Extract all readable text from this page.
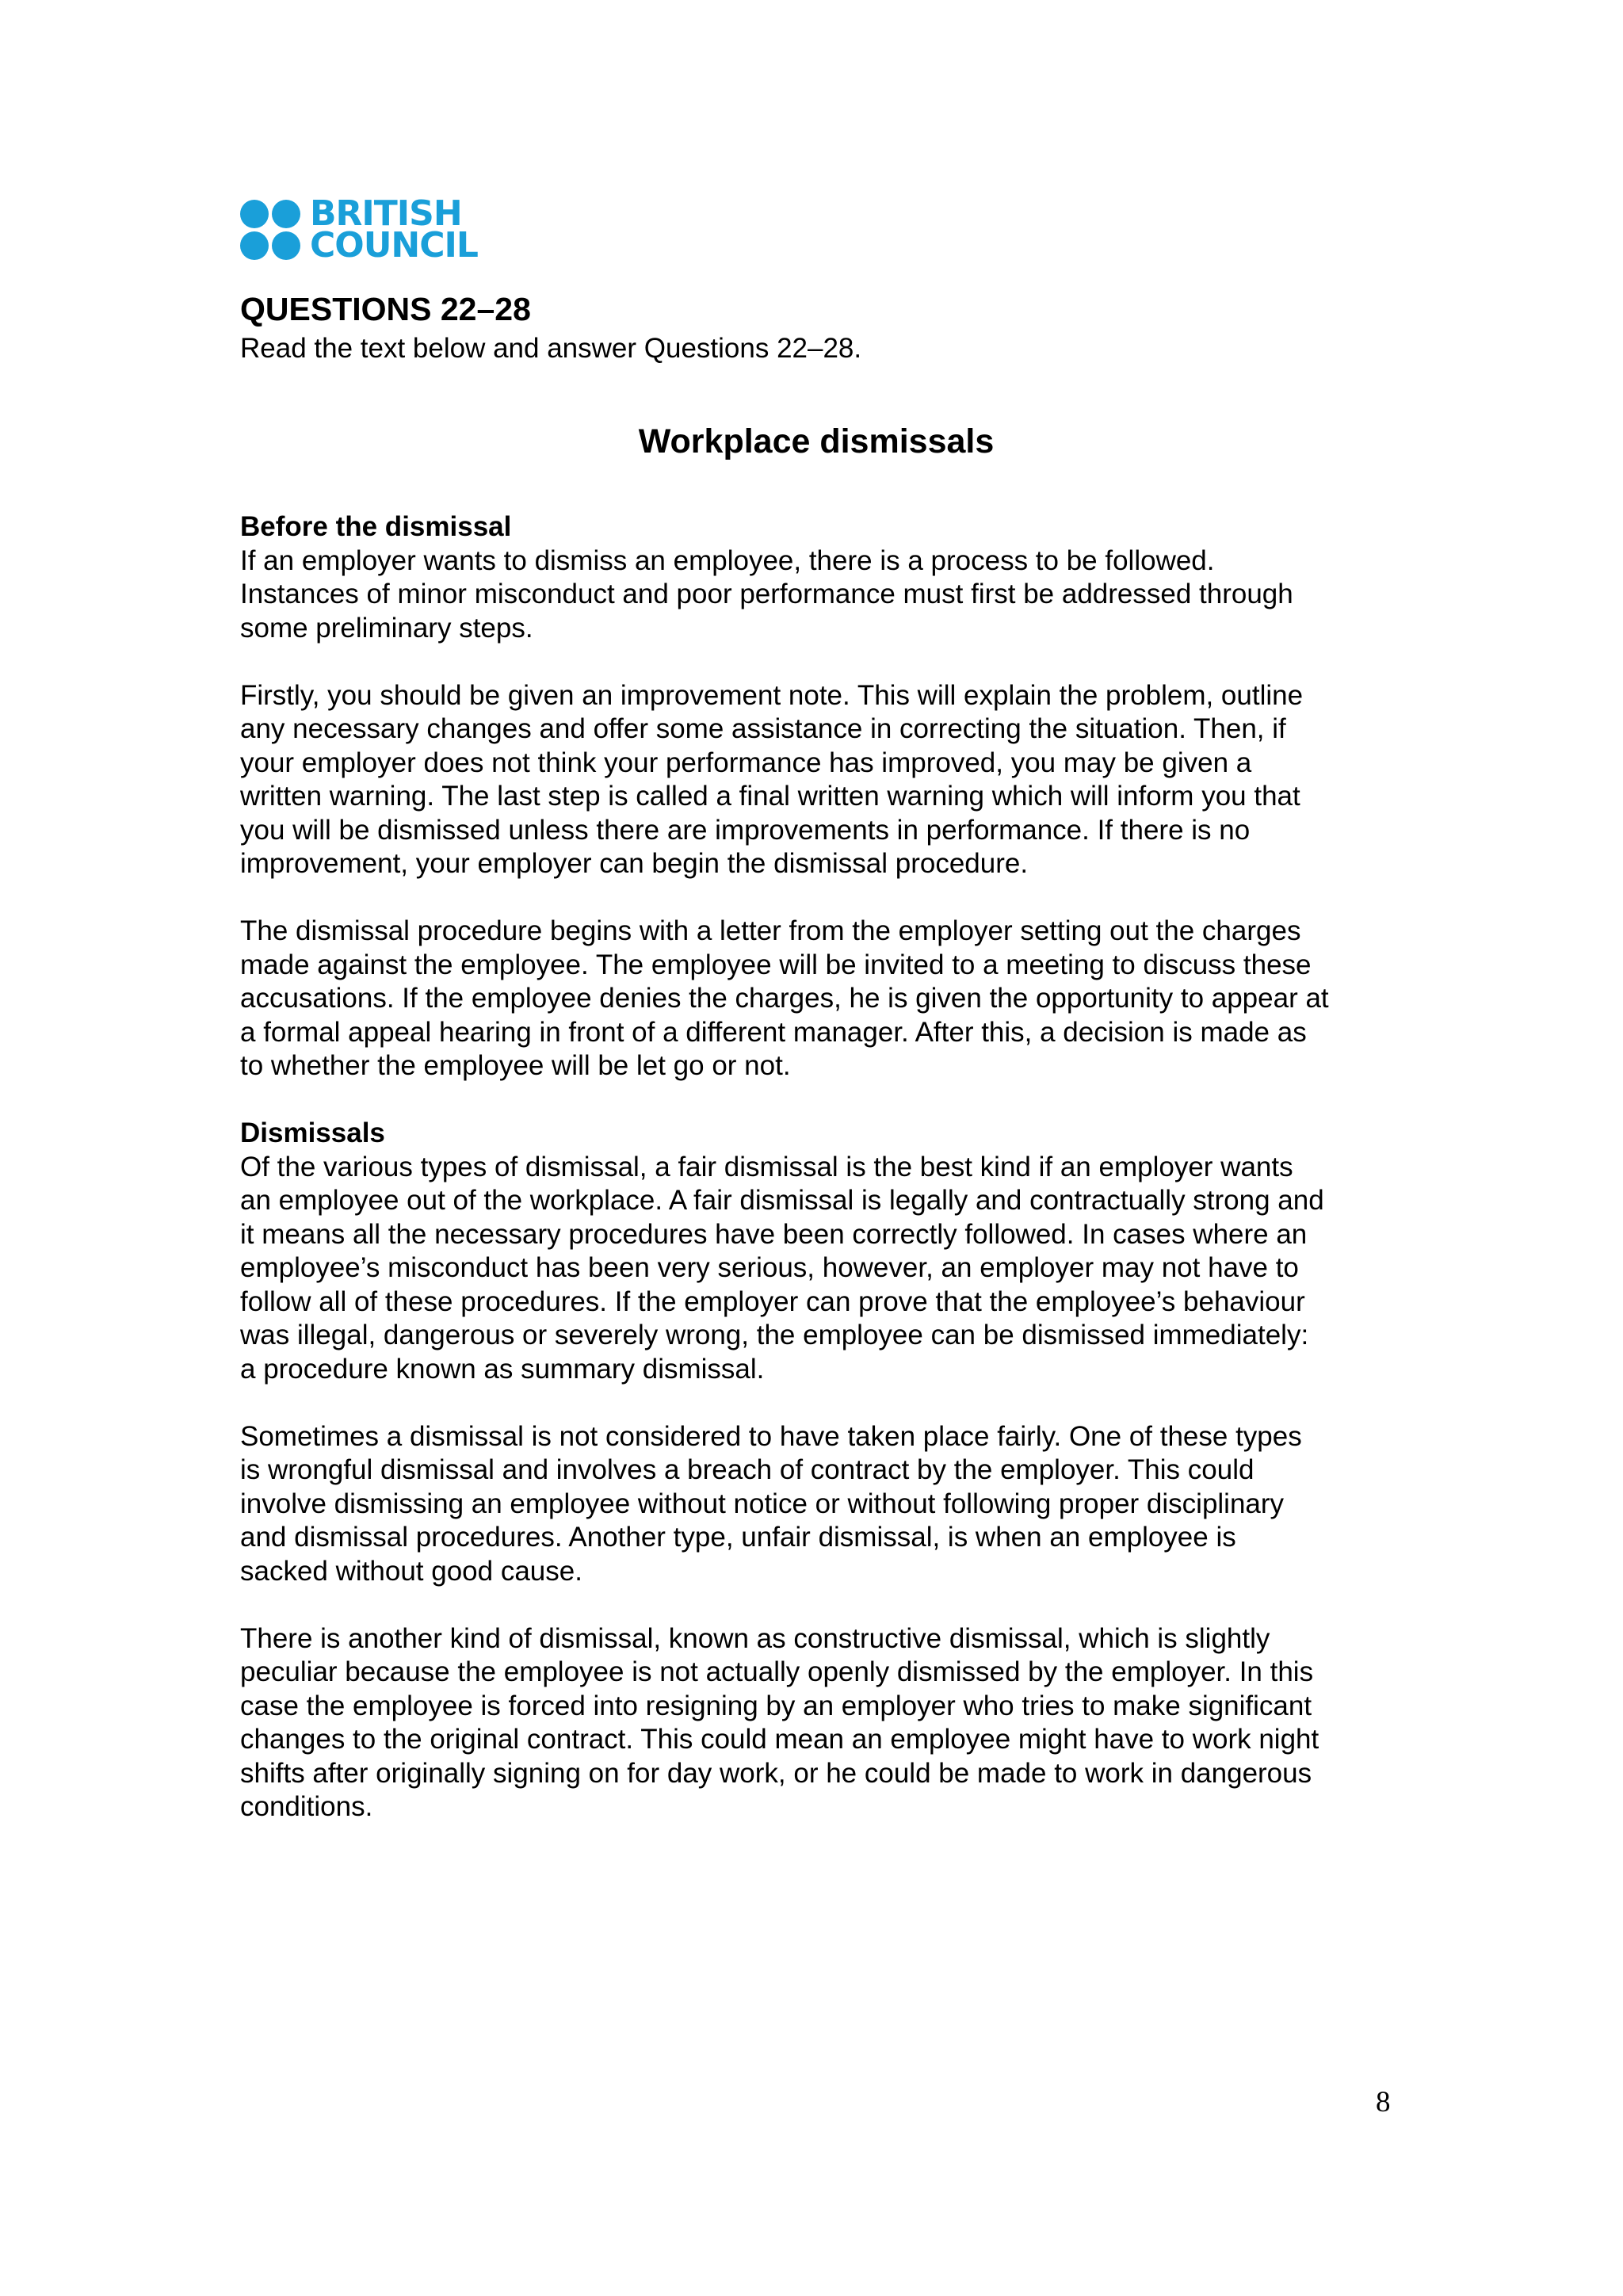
BRITISH
COUNCIL
QUESTIONS 22–28

Read the text below and answer Questions 22–28.

Workplace dismissals
Before the dismissal

If an employer wants to dismiss an employee, there is a process to be followed.
Instances of minor misconduct and poor performance must first be addressed through
some preliminary steps.

Firstly, you should be given an improvement note. This will explain the problem, outline
any necessary changes and offer some assistance in correcting the situation. Then, if
your employer does not think your performance has improved, you may be given a
written warning. The last step is called a final written warning which will inform you that
you will be dismissed unless there are improvements in performance. If there is no
improvement, your employer can begin the dismissal procedure.

The dismissal procedure begins with a letter from the employer setting out the charges
made against the employee. The employee will be invited to a meeting to discuss these
accusations. If the employee denies the charges, he is given the opportunity to appear at
a formal appeal hearing in front of a different manager. After this, a decision is made as
to whether the employee will be let go or not.

Dismissals

Of the various types of dismissal, a fair dismissal is the best kind if an employer wants
an employee out of the workplace. A fair dismissal is legally and contractually strong and
it means all the necessary procedures have been correctly followed. In cases where an
employee’s misconduct has been very serious, however, an employer may not have to
follow all of these procedures. If the employer can prove that the employee’s behaviour
was illegal, dangerous or severely wrong, the employee can be dismissed immediately:
a procedure known as summary dismissal.

Sometimes a dismissal is not considered to have taken place fairly. One of these types
is wrongful dismissal and involves a breach of contract by the employer. This could
involve dismissing an employee without notice or without following proper disciplinary
and dismissal procedures. Another type, unfair dismissal, is when an employee is
sacked without good cause.

There is another kind of dismissal, known as constructive dismissal, which is slightly
peculiar because the employee is not actually openly dismissed by the employer. In this
case the employee is forced into resigning by an employer who tries to make significant
changes to the original contract. This could mean an employee might have to work night
shifts after originally signing on for day work, or he could be made to work in dangerous
conditions.

8
